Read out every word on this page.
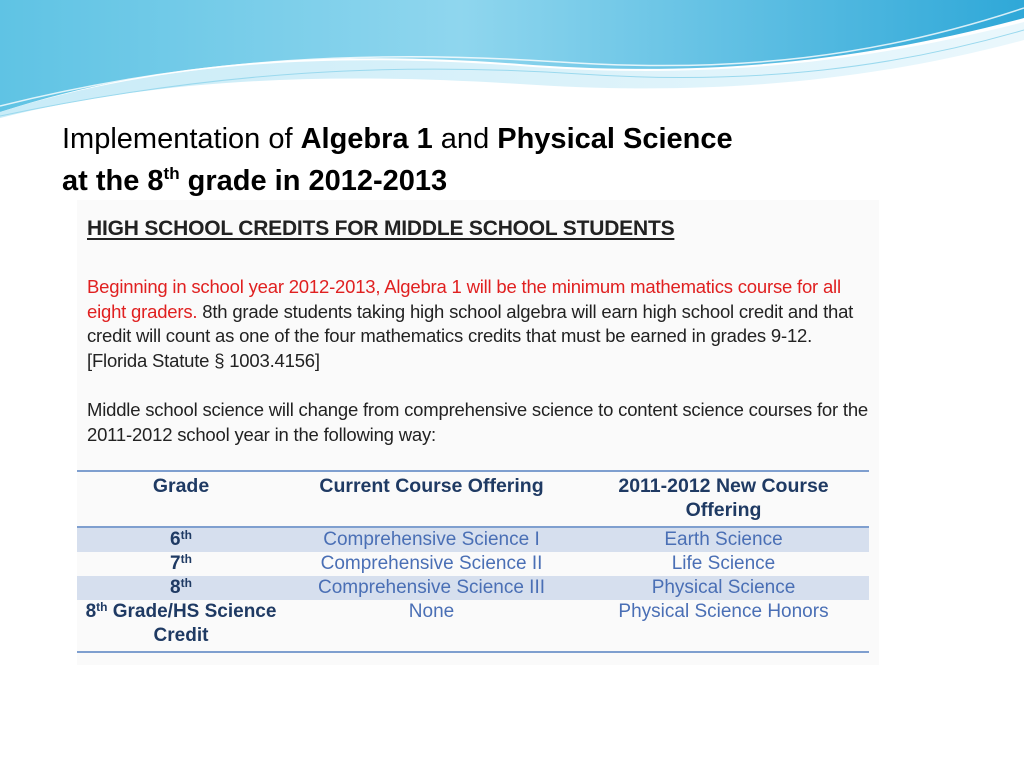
Implementation of Algebra 1 and Physical Science
at the 8th grade in 2012-2013
HIGH SCHOOL CREDITS FOR MIDDLE SCHOOL STUDENTS
Beginning in school year 2012-2013, Algebra 1 will be the minimum mathematics course for all eight graders. 8th grade students taking high school algebra will earn high school credit and that credit will count as one of the four mathematics credits that must be earned in grades 9-12. [Florida Statute § 1003.4156]
Middle school science will change from comprehensive science to content science courses for the 2011-2012 school year in the following way:
Grade	Current Course Offering	2011-2012 New Course Offering
6th	Comprehensive Science I	Earth Science
7th	Comprehensive Science II	Life Science
8th	Comprehensive Science III	Physical Science
8th Grade/HS Science Credit	None	Physical Science Honors
